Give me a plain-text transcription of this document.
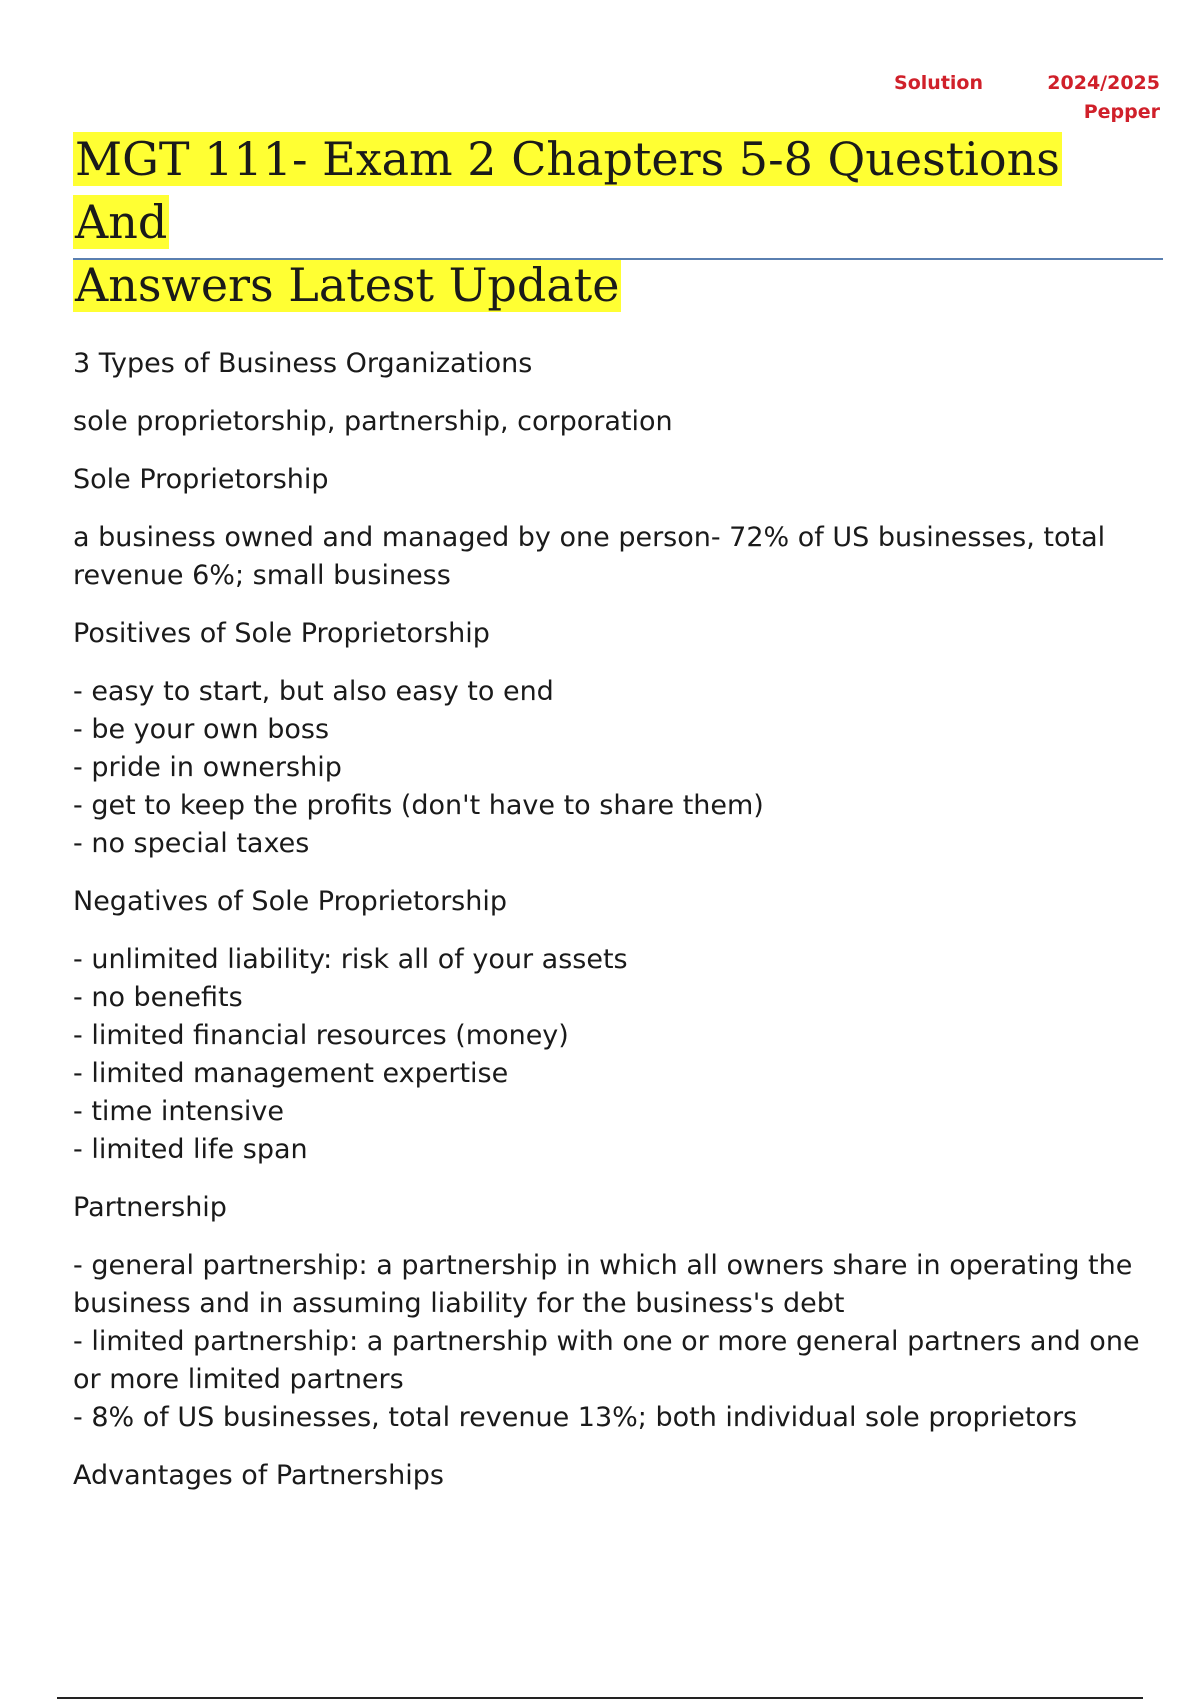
Solution	2024/2025
Pepper
MGT 111- Exam 2 Chapters 5-8 Questions And
Answers Latest Update

3 Types of Business Organizations

sole proprietorship, partnership, corporation

Sole Proprietorship

a business owned and managed by one person- 72% of US businesses, total revenue 6%; small business

Positives of Sole Proprietorship

- easy to start, but also easy to end
- be your own boss
- pride in ownership
- get to keep the profits (don't have to share them)
- no special taxes

Negatives of Sole Proprietorship

- unlimited liability: risk all of your assets
- no benefits
- limited financial resources (money)
- limited management expertise
- time intensive
- limited life span

Partnership

- general partnership: a partnership in which all owners share in operating the business and in assuming liability for the business's debt
- limited partnership: a partnership with one or more general partners and one or more limited partners
- 8% of US businesses, total revenue 13%; both individual sole proprietors

Advantages of Partnerships
